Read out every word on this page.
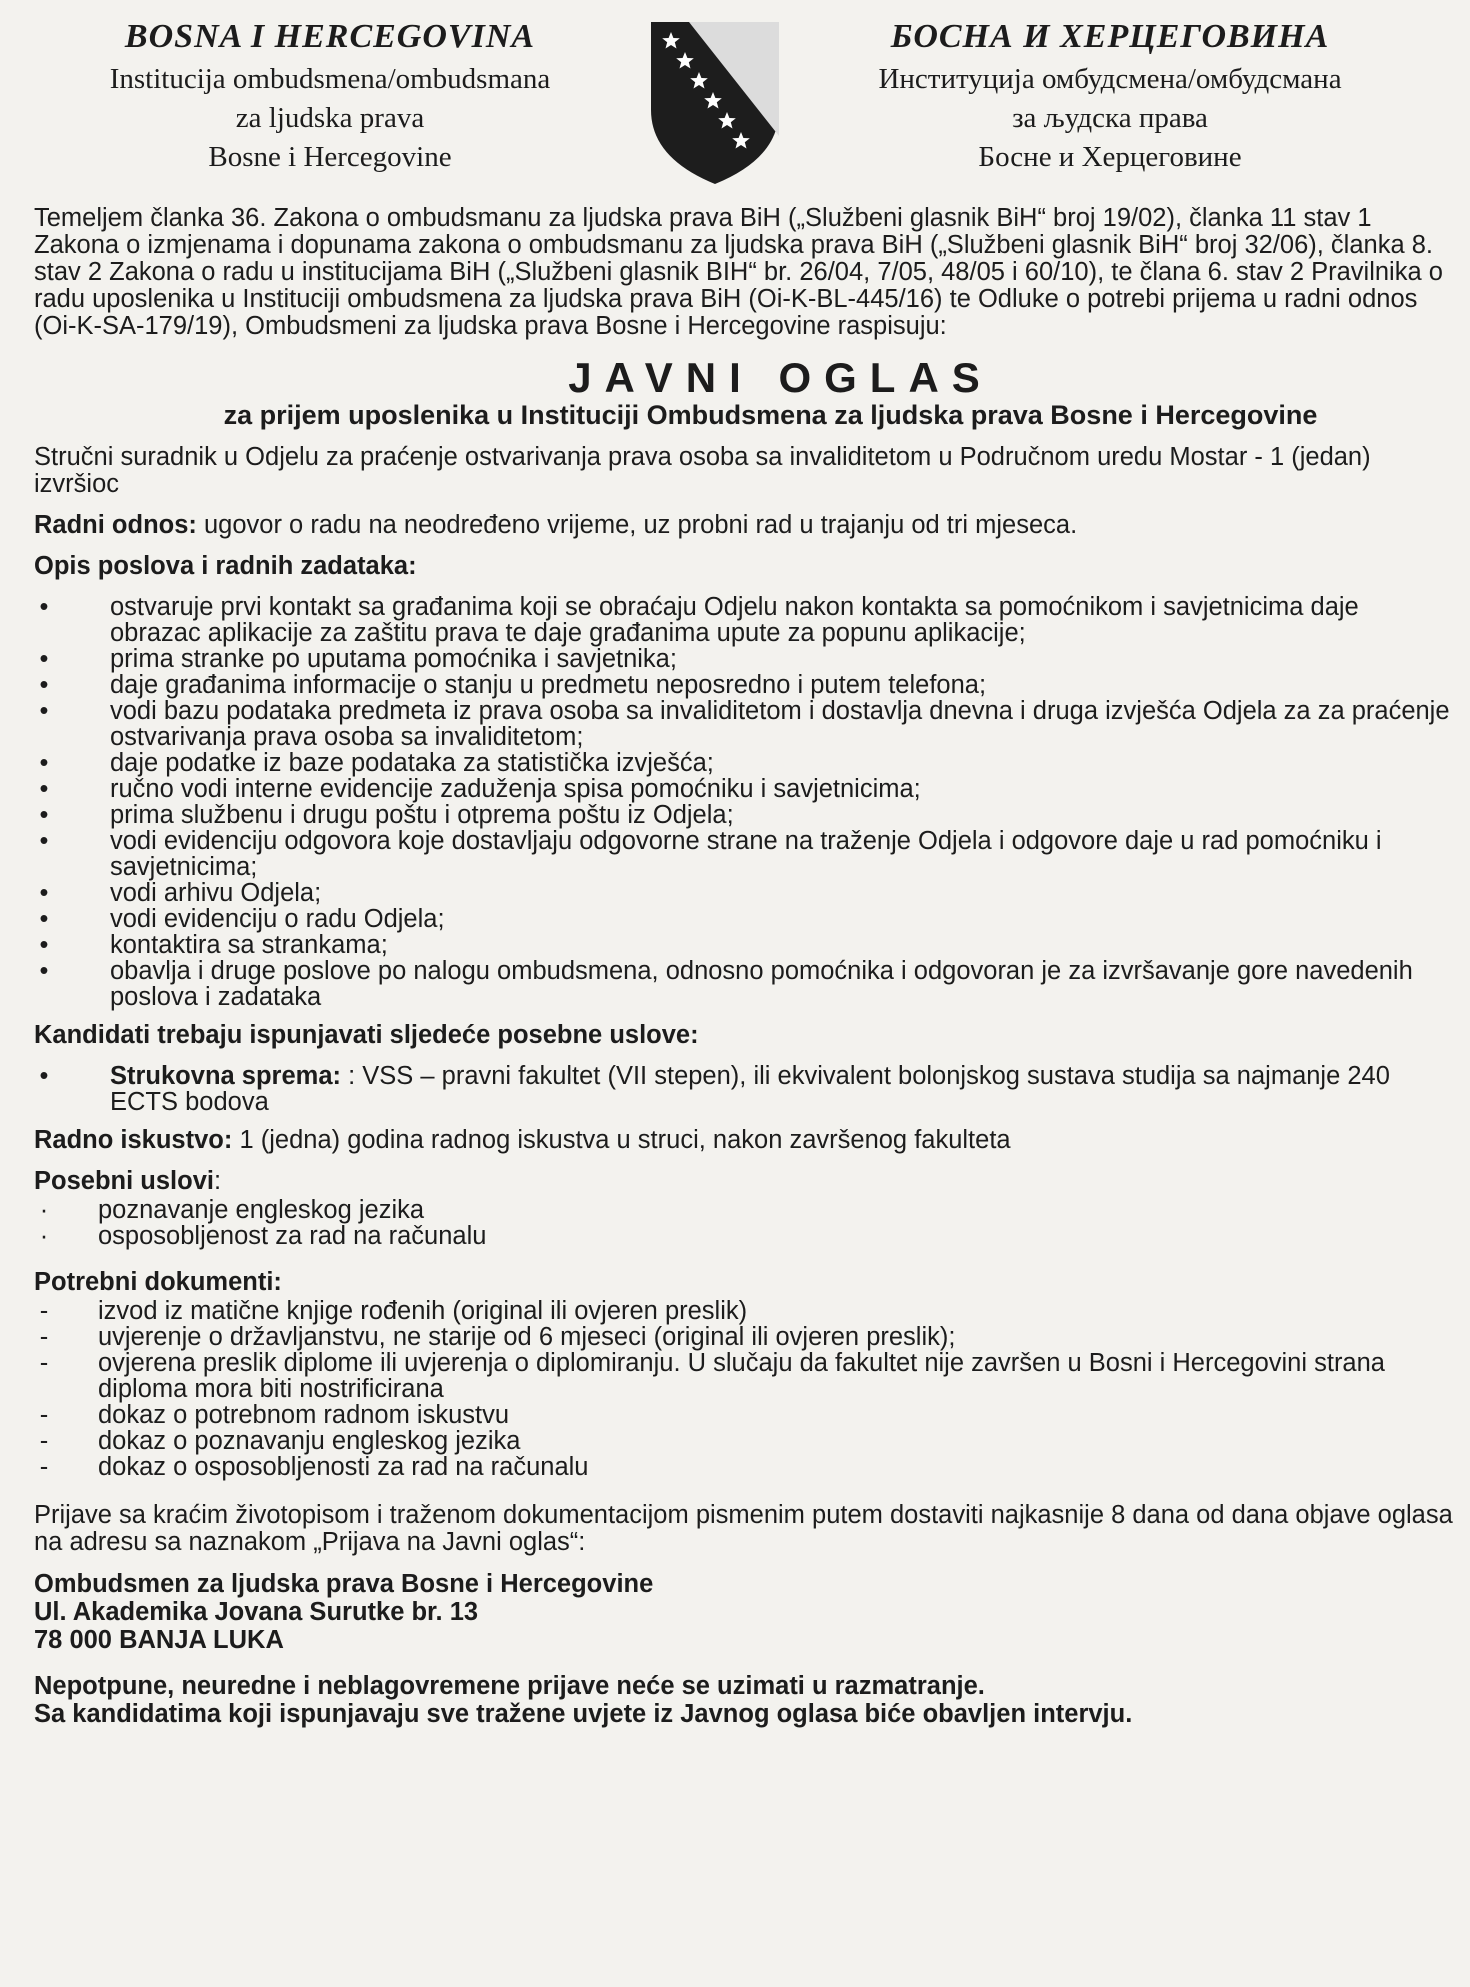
BOSNA I HERCEGOVINA
Institucija ombudsmena/ombudsmana
za ljudska prava
Bosne i Hercegovine
БОСНА И ХЕРЦЕГОВИНА
Институција омбудсмена/омбудсмана
за људска права
Босне и Херцеговине

Temeljem članka 36. Zakona o ombudsmanu za ljudska prava BiH („Službeni glasnik BiH“ broj 19/02), članka 11 stav 1 Zakona o izmjenama i dopunama zakona o ombudsmanu za ljudska prava BiH („Službeni glasnik BiH“ broj 32/06), članka 8. stav 2 Zakona o radu u institucijama BiH („Službeni glasnik BIH“ br. 26/04, 7/05, 48/05 i 60/10), te člana 6. stav 2 Pravilnika o radu uposlenika u Instituciji ombudsmena za ljudska prava BiH (Oi-K-BL-445/16) te Odluke o potrebi prijema u radni odnos (Oi-K-SA-179/19), Ombudsmeni za ljudska prava Bosne i Hercegovine raspisuju:

JAVNI OGLAS
za prijem uposlenika u Instituciji Ombudsmena za ljudska prava Bosne i Hercegovine

Stručni suradnik u Odjelu za praćenje ostvarivanja prava osoba sa invaliditetom u Područnom uredu Mostar - 1 (jedan) izvršioc

Radni odnos: ugovor o radu na neodređeno vrijeme, uz probni rad u trajanju od tri mjeseca.

Opis poslova i radnih zadataka:
• ostvaruje prvi kontakt sa građanima koji se obraćaju Odjelu nakon kontakta sa pomoćnikom i savjetnicima daje obrazac aplikacije za zaštitu prava te daje građanima upute za popunu aplikacije;
• prima stranke po uputama pomoćnika i savjetnika;
• daje građanima informacije o stanju u predmetu neposredno i putem telefona;
• vodi bazu podataka predmeta iz prava osoba sa invaliditetom i dostavlja dnevna i druga izvješća Odjela za za praćenje ostvarivanja prava osoba sa invaliditetom;
• daje podatke iz baze podataka za statistička izvješća;
• ručno vodi interne evidencije zaduženja spisa pomoćniku i savjetnicima;
• prima službenu i drugu poštu i otprema poštu iz Odjela;
• vodi evidenciju odgovora koje dostavljaju odgovorne strane na traženje Odjela i odgovore daje u rad pomoćniku i savjetnicima;
• vodi arhivu Odjela;
• vodi evidenciju o radu Odjela;
• kontaktira sa strankama;
• obavlja i druge poslove po nalogu ombudsmena, odnosno pomoćnika i odgovoran je za izvršavanje gore navedenih poslova i zadataka
Kandidati trebaju ispunjavati sljedeće posebne uslove:
• Strukovna sprema: : VSS – pravni fakultet (VII stepen), ili ekvivalent bolonjskog sustava studija sa najmanje 240 ECTS bodova

Radno iskustvo: 1 (jedna) godina radnog iskustva u struci, nakon završenog fakulteta

Posebni uslovi:
· poznavanje engleskog jezika
· osposobljenost za rad na računalu
Potrebni dokumenti:
- izvod iz matične knjige rođenih (original ili ovjeren preslik)
- uvjerenje o državljanstvu, ne starije od 6 mjeseci (original ili ovjeren preslik);
- ovjerena preslik diplome ili uvjerenja o diplomiranju. U slučaju da fakultet nije završen u Bosni i Hercegovini strana diploma mora biti nostrificirana
- dokaz o potrebnom radnom iskustvu
- dokaz o poznavanju engleskog jezika
- dokaz o osposobljenosti za rad na računalu

Prijave sa kraćim životopisom i traženom dokumentacijom pismenim putem dostaviti najkasnije 8 dana od dana objave oglasa na adresu sa naznakom „Prijava na Javni oglas“:

Ombudsmen za ljudska prava Bosne i Hercegovine
Ul. Akademika Jovana Surutke br. 13
78 000 BANJA LUKA
Nepotpune, neuredne i neblagovremene prijave neće se uzimati u razmatranje.
Sa kandidatima koji ispunjavaju sve tražene uvjete iz Javnog oglasa biće obavljen intervju.
